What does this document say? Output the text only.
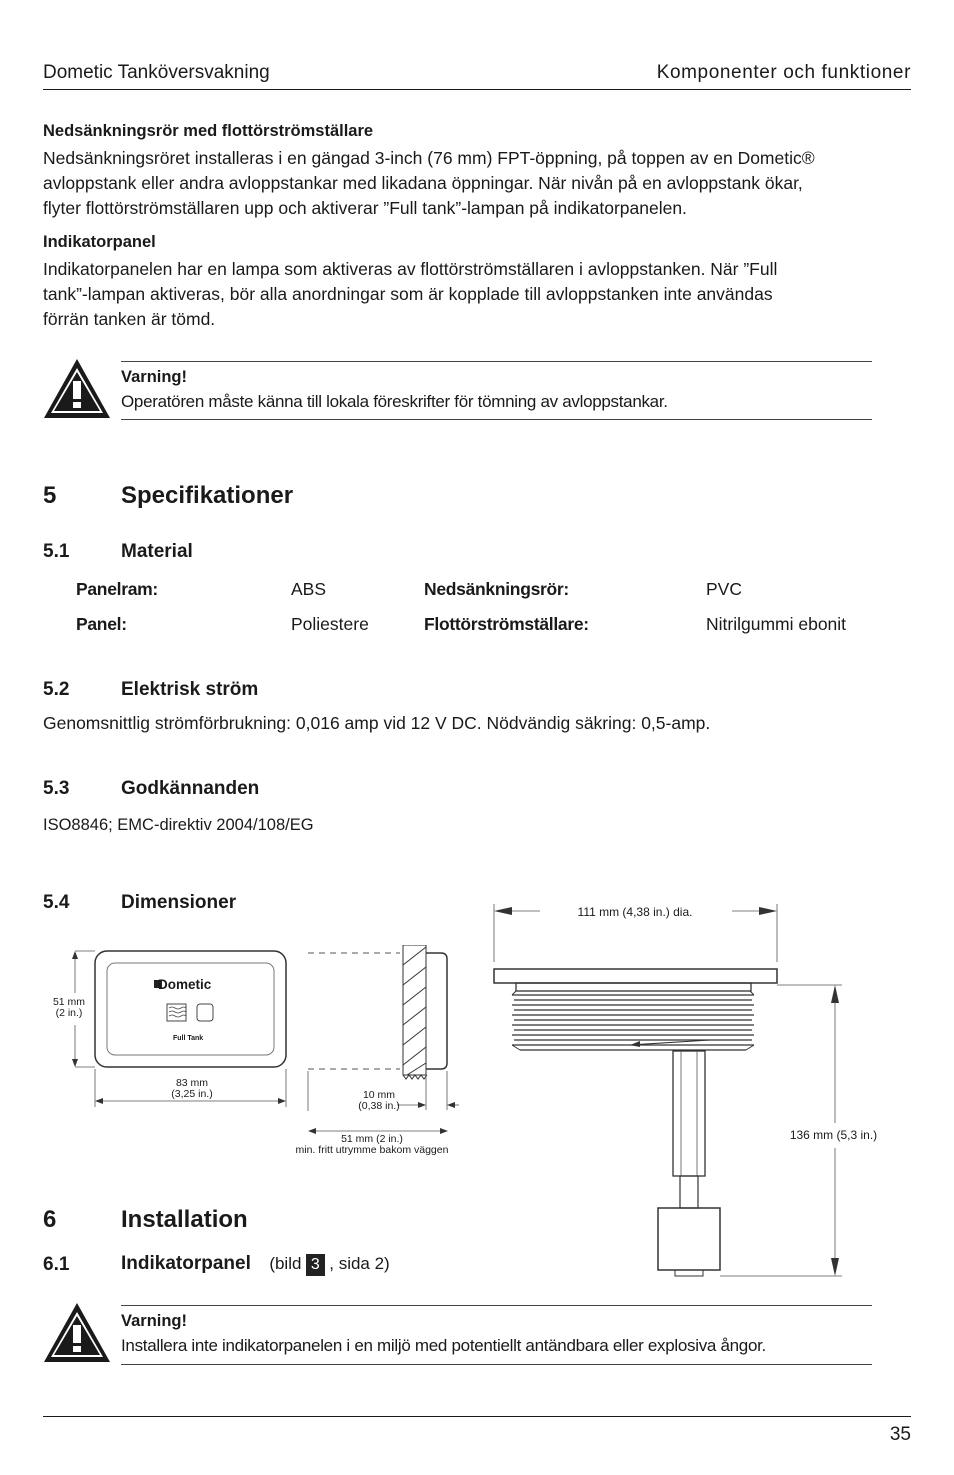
Dometic Tanköversvakning	Komponenter och funktioner
Nedsänkningsrör med flottörströmställare
Nedsänkningsröret installeras i en gängad 3-inch (76 mm) FPT-öppning, på toppen av en Dometic®
avloppstank eller andra avloppstankar med likadana öppningar. När nivån på en avloppstank ökar,
flyter flottörströmställaren upp och aktiverar ”Full tank”-lampan på indikatorpanelen.
Indikatorpanel
Indikatorpanelen har en lampa som aktiveras av flottörströmställaren i avloppstanken. När ”Full
tank”-lampan aktiveras, bör alla anordningar som är kopplade till avloppstanken inte användas
förrän tanken är tömd.
Varning!
Operatören måste känna till lokala föreskrifter för tömning av avloppstankar.
5	Specifikationer
5.1	Material
Panelram:	ABS	Nedsänkningsrör:	PVC
Panel:	Poliestere	Flottörströmställare:	Nitrilgummi ebonit
5.2	Elektrisk ström
Genomsnittlig strömförbrukning: 0,016 amp vid 12 V DC. Nödvändig säkring: 0,5-amp.
5.3	Godkännanden
ISO8846; EMC-direktiv 2004/108/EG
5.4	Dimensioner
Dometic
Full Tank
51 mm
(2 in.)
83 mm
(3,25 in.)	10 mm
(0,38 in.)
51 mm (2 in.)
min. fritt utrymme bakom väggen
111 mm (4,38 in.) dia.
136 mm (5,3 in.)
6	Installation
6.1	Indikatorpanel (bild 3 , sida 2)
Varning!
Installera inte indikatorpanelen i en miljö med potentiellt antändbara eller explosiva ångor.
35
